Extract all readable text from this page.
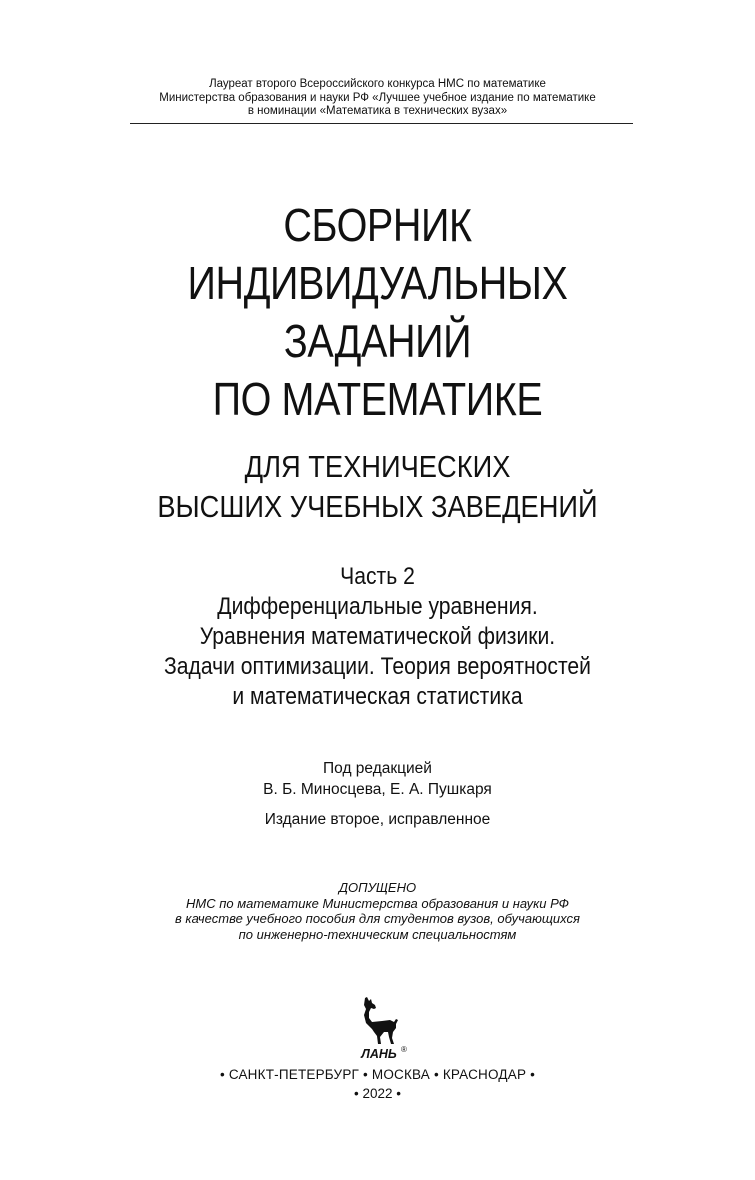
Лауреат второго Всероссийского конкурса НМС по математике
Министерства образования и науки РФ «Лучшее учебное издание по математике
в номинации «Математика в технических вузах»
СБОРНИК
ИНДИВИДУАЛЬНЫХ
ЗАДАНИЙ
ПО МАТЕМАТИКЕ
ДЛЯ ТЕХНИЧЕСКИХ
ВЫСШИХ УЧЕБНЫХ ЗАВЕДЕНИЙ
Часть 2
Дифференциальные уравнения.
Уравнения математической физики.
Задачи оптимизации. Теория вероятностей
и математическая статистика
Под редакцией
В. Б. Миносцева, Е. А. Пушкаря
Издание второе, исправленное
ДОПУЩЕНО
НМС по математике Министерства образования и науки РФ
в качестве учебного пособия для студентов вузов, обучающихся
по инженерно-техническим специальностям
ЛАНЬ ®
• САНКТ-ПЕТЕРБУРГ • МОСКВА • КРАСНОДАР •
• 2022 •
